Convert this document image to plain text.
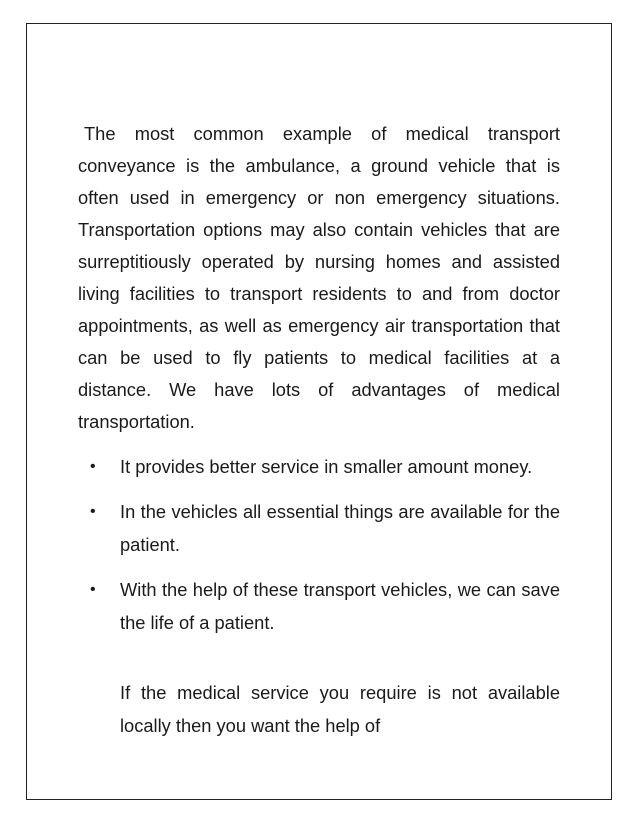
The most common example of medical transport conveyance is the ambulance, a ground vehicle that is often used in emergency or non emergency situations. Transportation options may also contain vehicles that are surreptitiously operated by nursing homes and assisted living facilities to transport residents to and from doctor appointments, as well as emergency air transportation that can be used to fly patients to medical facilities at a distance. We have lots of advantages of medical transportation.

•	It provides better service in smaller amount money.
•	In the vehicles all essential things are available for the patient.
•	With the help of these transport vehicles, we can save the life of a patient.

If the medical service you require is not available locally then you want the help of
